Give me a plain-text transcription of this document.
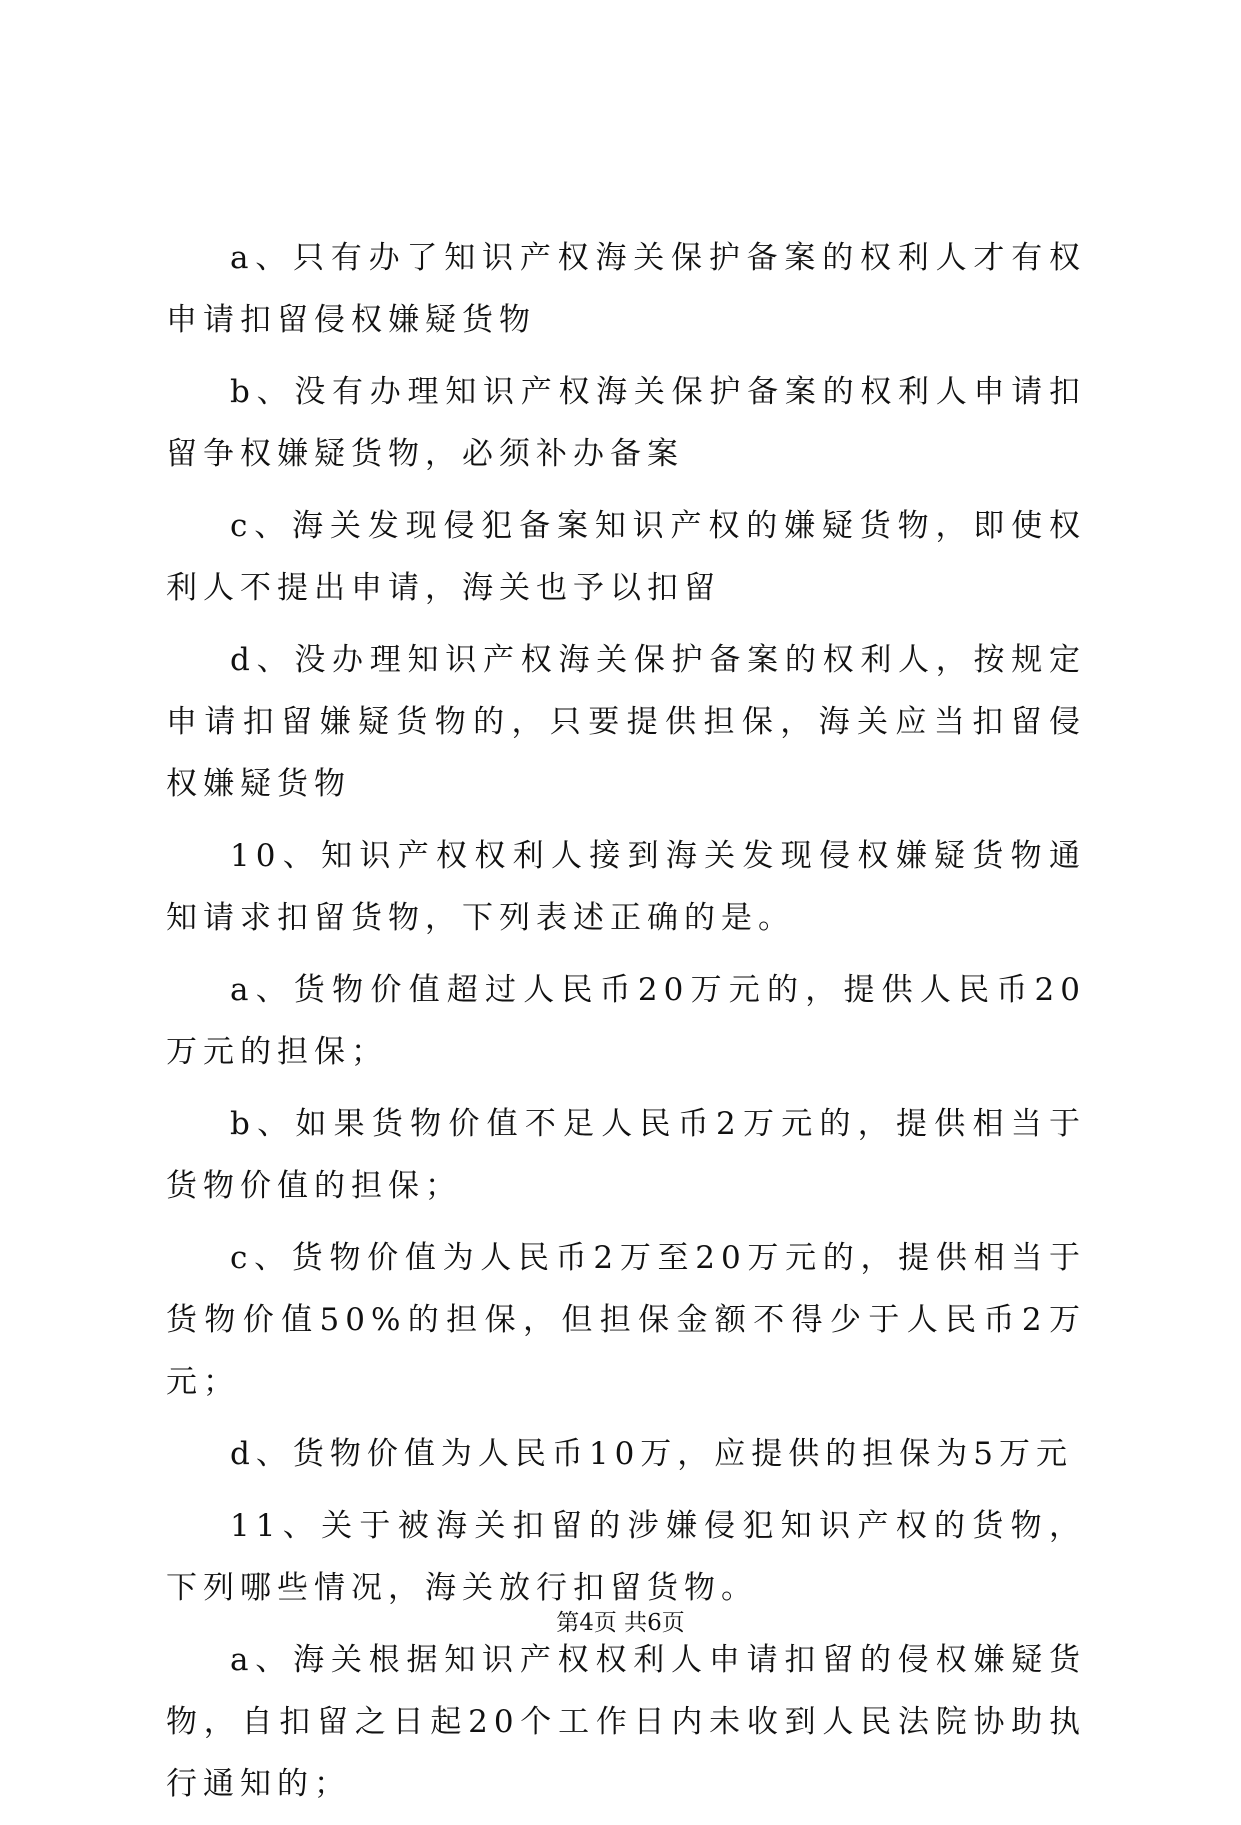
a、只有办了知识产权海关保护备案的权利人才有权申请扣留侵权嫌疑货物

b、没有办理知识产权海关保护备案的权利人申请扣留争权嫌疑货物，必须补办备案

c、海关发现侵犯备案知识产权的嫌疑货物，即使权利人不提出申请，海关也予以扣留

d、没办理知识产权海关保护备案的权利人，按规定申请扣留嫌疑货物的，只要提供担保，海关应当扣留侵权嫌疑货物

10、知识产权权利人接到海关发现侵权嫌疑货物通知请求扣留货物，下列表述正确的是。

a、货物价值超过人民币20万元的，提供人民币20万元的担保；

b、如果货物价值不足人民币2万元的，提供相当于货物价值的担保；

c、货物价值为人民币2万至20万元的，提供相当于货物价值50%的担保，但担保金额不得少于人民币2万元；

d、货物价值为人民币10万，应提供的担保为5万元

11、关于被海关扣留的涉嫌侵犯知识产权的货物，下列哪些情况，海关放行扣留货物。

a、海关根据知识产权权利人申请扣留的侵权嫌疑货物，自扣留之日起20个工作日内未收到人民法院协助执行通知的；

第4页 共6页
